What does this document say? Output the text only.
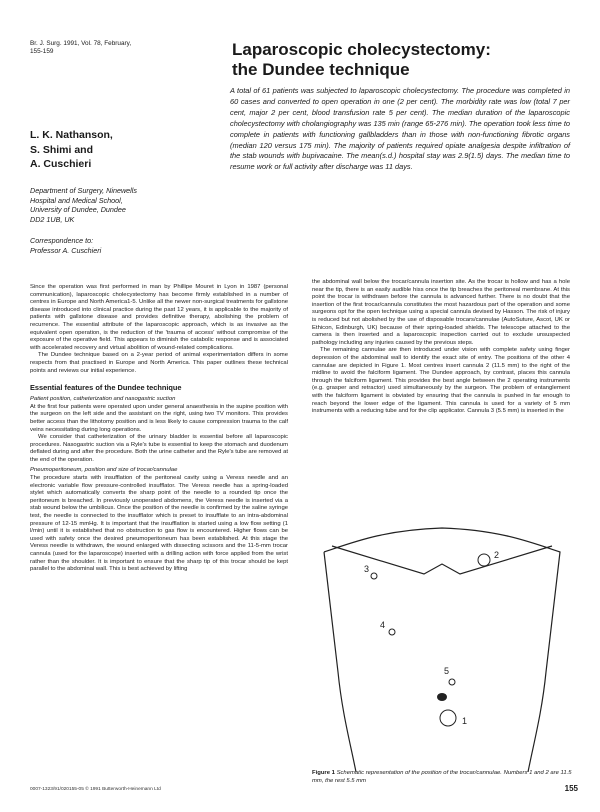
Br. J. Surg. 1991, Vol. 78, February,
155-159	Laparoscopic cholecystectomy:
the Dundee technique
A total of 61 patients was subjected to laparoscopic cholecystectomy. The procedure was completed in 60 cases and converted to open operation in one (2 per cent). The morbidity rate was low (total 7 per cent, major 2 per cent, blood transfusion rate 5 per cent). The median duration of the laparoscopic cholecystectomy with cholangiography was 135 min (range 65-276 min). The operation took less time to complete in patients with functioning gallbladders than in those with non-functioning fibrotic organs (median 120 versus 175 min). The majority of patients required opiate analgesia despite infiltration of the stab wounds with bupivacaine. The mean(s.d.) hospital stay was 2.9(1.5) days. The median time to resume work or full activity after discharge was 11 days.
L. K. Nathanson,
S. Shimi and
A. Cuschieri
Department of Surgery, Ninewells
Hospital and Medical School,
University of Dundee, Dundee
DD2 1UB, UK
Correspondence to:
Professor A. Cuschieri

Since the operation was first performed in man by Phillipe Mouret in Lyon in 1987 (personal communication), laparoscopic cholecystectomy has become firmly established in a number of centres in Europe and North America1-5. Unlike all the newer non-surgical treatments for gallstone disease introduced into clinical practice during the past 12 years, it is applicable to the majority of patients with gallstone disease and provides definitive therapy, abolishing the problem of recurrence. The essential attribute of the laparoscopic approach, which is as invasive as the equivalent open operation, is the reduction of the 'trauma of access' without compromise of the exposure of the operative field. This appears to diminish the catabolic response and is associated with accelerated recovery and virtual abolition of wound-related complications.

The Dundee technique based on a 2-year period of animal experimentation differs in some respects from that practised in Europe and North America. This paper outlines these technical points and reviews our initial experience.

Essential features of the Dundee technique

Patient position, catheterization and nasogastric suction

At the first four patients were operated upon under general anaesthesia in the supine position with the surgeon on the left side and the assistant on the right, using two TV monitors. This provides better access than the lithotomy position and is less likely to cause compression trauma to the calf veins necessitating during long operations.

We consider that catheterization of the urinary bladder is essential before all laparoscopic procedures. Nasogastric suction via a Ryle's tube is essential to keep the stomach and duodenum deflated during and after the procedure. Both the urine catheter and the Ryle's tube are removed at the end of the operation.

Pneumoperitoneum, position and size of trocar/cannulae

The procedure starts with insufflation of the peritoneal cavity using a Veress needle and an electronic variable flow pressure-controlled insufflator. The Veress needle has a spring-loaded stylet which automatically converts the sharp point of the needle to a rounded tip once the peritoneum is breached. In previously unoperated abdomens, the Veress needle is inserted via a stab wound below the umbilicus. Once the position of the needle is confirmed by the saline syringe test, the needle is connected to the insufflator which is preset to insufflate to an intra-abdominal pressure of 12-15 mmHg. It is important that the insufflation is started using a low flow setting (1 l/min) until it is established that no obstruction to gas flow is encountered. Higher flows can be used with safety once the desired pneumoperitoneum has been established. At this stage the Veress needle is withdrawn, the wound enlarged with dissecting scissors and the 11-5-mm trocar cannula (used for the laparoscope) inserted with a drilling action with force applied from the wrist rather than the shoulder. It is important to ensure that the sharp tip of this trocar should be kept parallel to the abdominal wall. This is best achieved by lifting

the abdominal wall below the trocar/cannula insertion site. As the trocar is hollow and has a hole near the tip, there is an easily audible hiss once the tip breaches the peritoneal membrane. At this point the trocar is withdrawn before the cannula is advanced further. There is no doubt that the insertion of the first trocar/cannula constitutes the most hazardous part of the operation and some surgeons opt for the open technique using a special cannula devised by Hasson. The risk of injury is reduced but not abolished by the use of disposable trocars/cannulae (AutoSuture, Ascot, UK or Ethicon, Edinburgh, UK) because of their spring-loaded shields. The telescope attached to the camera is then inserted and a laparoscopic inspection carried out to exclude unsuspected pathology including any injuries caused by the previous steps.

The remaining cannulae are then introduced under vision with complete safety using finger depression of the abdominal wall to identify the exact site of entry. The positions of the other 4 cannulae are depicted in Figure 1. Most centres insert cannula 2 (11.5 mm) to the right of the midline to avoid the falciform ligament. The Dundee approach, by contrast, places this cannula through the falciform ligament. This provides the best angle between the 2 operating instruments (e.g. grasper and retractor) used simultaneously by the surgeon. The problem of entanglement with the falciform ligament is obviated by ensuring that the cannula is pushed in far enough to reach beyond the lower edge of the ligament. This cannula is used for a variety of 5 mm instruments with a reducing tube and for the clip applicator. Cannula 3 (5.5 mm) is inserted in the

1
2
3
4
5
Figure 1 Schematic representation of the position of the trocar/cannulae. Numbers 1 and 2 are 11.5 mm, the rest 5.5 mm
0007-1323/91/020155-05 © 1991 Butterworth-Heinemann Ltd	155
